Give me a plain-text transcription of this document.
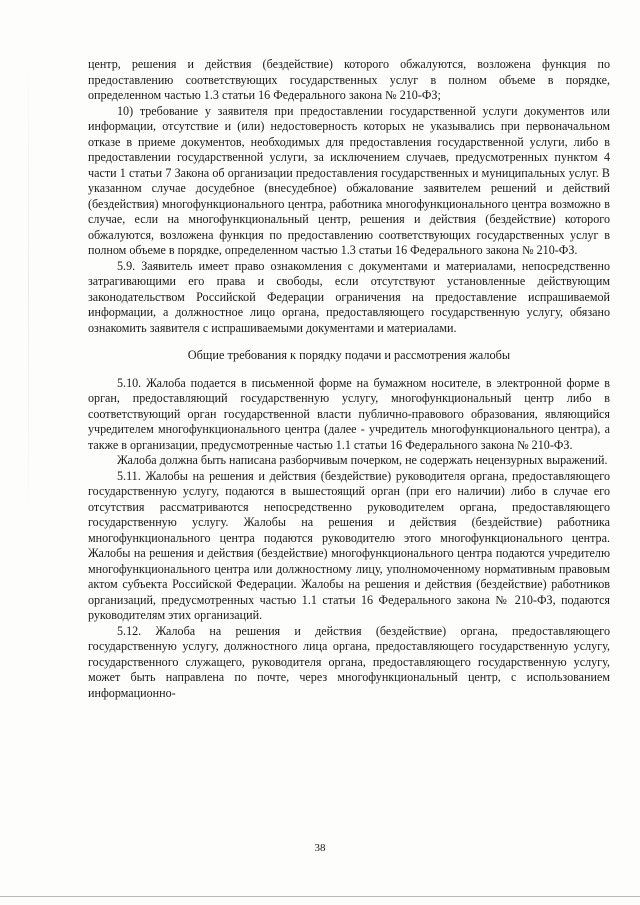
центр, решения и действия (бездействие) которого обжалуются, возложена функция по предоставлению соответствующих государственных услуг в полном объеме в порядке, определенном частью 1.3 статьи 16 Федерального закона № 210-ФЗ;

10) требование у заявителя при предоставлении государственной услуги документов или информации, отсутствие и (или) недостоверность которых не указывались при первоначальном отказе в приеме документов, необходимых для предоставления государственной услуги, либо в предоставлении государственной услуги, за исключением случаев, предусмотренных пунктом 4 части 1 статьи 7 Закона об организации предоставления государственных и муниципальных услуг. В указанном случае досудебное (внесудебное) обжалование заявителем решений и действий (бездействия) многофункционального центра, работника многофункционального центра возможно в случае, если на многофункциональный центр, решения и действия (бездействие) которого обжалуются, возложена функция по предоставлению соответствующих государственных услуг в полном объеме в порядке, определенном частью 1.3 статьи 16 Федерального закона № 210-ФЗ.

5.9. Заявитель имеет право ознакомления с документами и материалами, непосредственно затрагивающими его права и свободы, если отсутствуют установленные действующим законодательством Российской Федерации ограничения на предоставление испрашиваемой информации, а должностное лицо органа, предоставляющего государственную услугу, обязано ознакомить заявителя с испрашиваемыми документами и материалами.

Общие требования к порядку подачи и рассмотрения жалобы

5.10. Жалоба подается в письменной форме на бумажном носителе, в электронной форме в орган, предоставляющий государственную услугу, многофункциональный центр либо в соответствующий орган государственной власти публично-правового образования, являющийся учредителем многофункционального центра (далее - учредитель многофункционального центра), а также в организации, предусмотренные частью 1.1 статьи 16 Федерального закона № 210-ФЗ.

Жалоба должна быть написана разборчивым почерком, не содержать нецензурных выражений.

5.11. Жалобы на решения и действия (бездействие) руководителя органа, предоставляющего государственную услугу, подаются в вышестоящий орган (при его наличии) либо в случае его отсутствия рассматриваются непосредственно руководителем органа, предоставляющего государственную услугу. Жалобы на решения и действия (бездействие) работника многофункционального центра подаются руководителю этого многофункционального центра. Жалобы на решения и действия (бездействие) многофункционального центра подаются учредителю многофункционального центра или должностному лицу, уполномоченному нормативным правовым актом субъекта Российской Федерации. Жалобы на решения и действия (бездействие) работников организаций, предусмотренных частью 1.1 статьи 16 Федерального закона № 210-ФЗ, подаются руководителям этих организаций.

5.12. Жалоба на решения и действия (бездействие) органа, предоставляющего государственную услугу, должностного лица органа, предоставляющего государственную услугу, государственного служащего, руководителя органа, предоставляющего государственную услугу, может быть направлена по почте, через многофункциональный центр, с использованием информационно-

38
